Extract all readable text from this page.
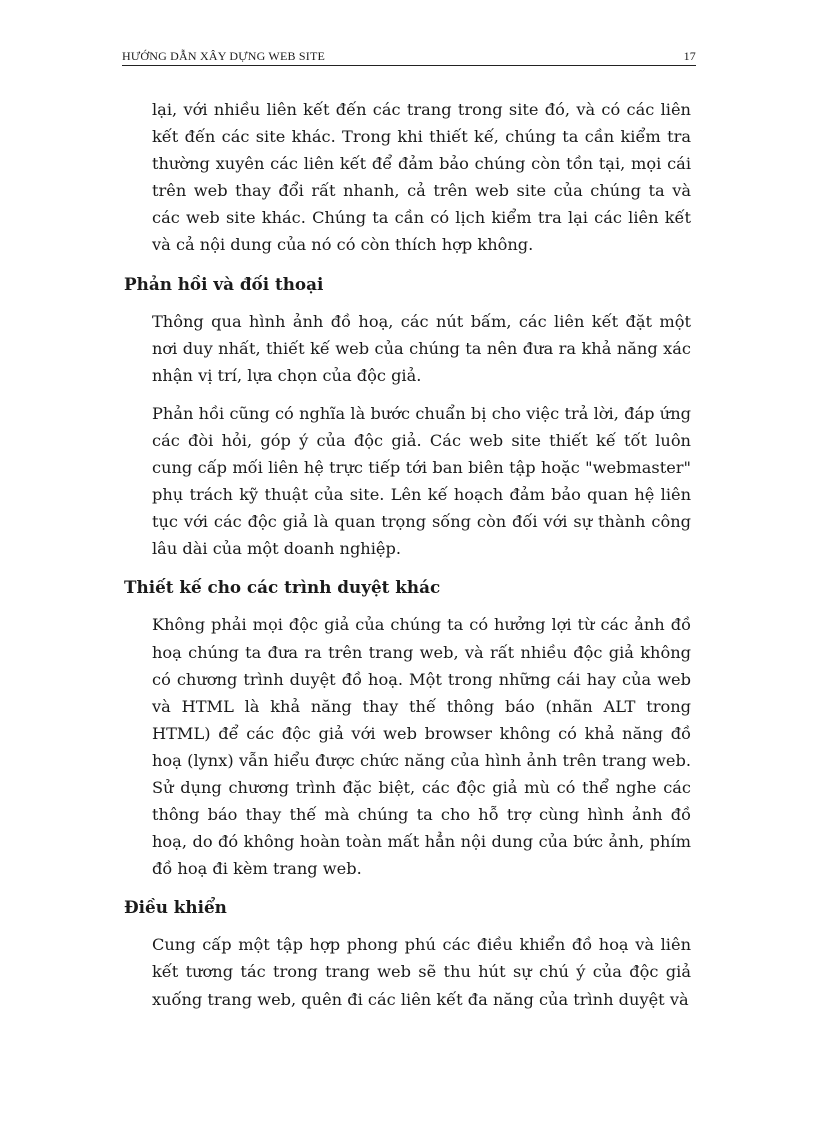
HƯỚNG DẪN XÂY DỰNG WEB SITE	17

lại, với nhiều liên kết đến các trang trong site đó, và có các liên kết đến các site khác. Trong khi thiết kế, chúng ta cần kiểm tra thường xuyên các liên kết để đảm bảo chúng còn tồn tại, mọi cái trên web thay đổi rất nhanh, cả trên web site của chúng ta và các web site khác. Chúng ta cần có lịch kiểm tra lại các liên kết và cả nội dung của nó có còn thích hợp không.

Phản hồi và đối thoại

Thông qua hình ảnh đồ hoạ, các nút bấm, các liên kết đặt một nơi duy nhất, thiết kế web của chúng ta nên đưa ra khả năng xác nhận vị trí, lựa chọn của độc giả.

Phản hồi cũng có nghĩa là bước chuẩn bị cho việc trả lời, đáp ứng các đòi hỏi, góp ý của độc giả. Các web site thiết kế tốt luôn cung cấp mối liên hệ trực tiếp tới ban biên tập hoặc "webmaster" phụ trách kỹ thuật của site. Lên kế hoạch đảm bảo quan hệ liên tục với các độc giả là quan trọng sống còn đối với sự thành công lâu dài của một doanh nghiệp.

Thiết kế cho các trình duyệt khác

Không phải mọi độc giả của chúng ta có hưởng lợi từ các ảnh đồ hoạ chúng ta đưa ra trên trang web, và rất nhiều độc giả không có chương trình duyệt đồ hoạ. Một trong những cái hay của web và HTML là khả năng thay thế thông báo (nhãn ALT trong HTML) để các độc giả với web browser không có khả năng đồ hoạ (lynx) vẫn hiểu được chức năng của hình ảnh trên trang web. Sử dụng chương trình đặc biệt, các độc giả mù có thể nghe các thông báo thay thế mà chúng ta cho hỗ trợ cùng hình ảnh đồ hoạ, do đó không hoàn toàn mất hẳn nội dung của bức ảnh, phím đồ hoạ đi kèm trang web.

Điều khiển

Cung cấp một tập hợp phong phú các điều khiển đồ hoạ và liên kết tương tác trong trang web sẽ thu hút sự chú ý của độc giả xuống trang web, quên đi các liên kết đa năng của trình duyệt và
